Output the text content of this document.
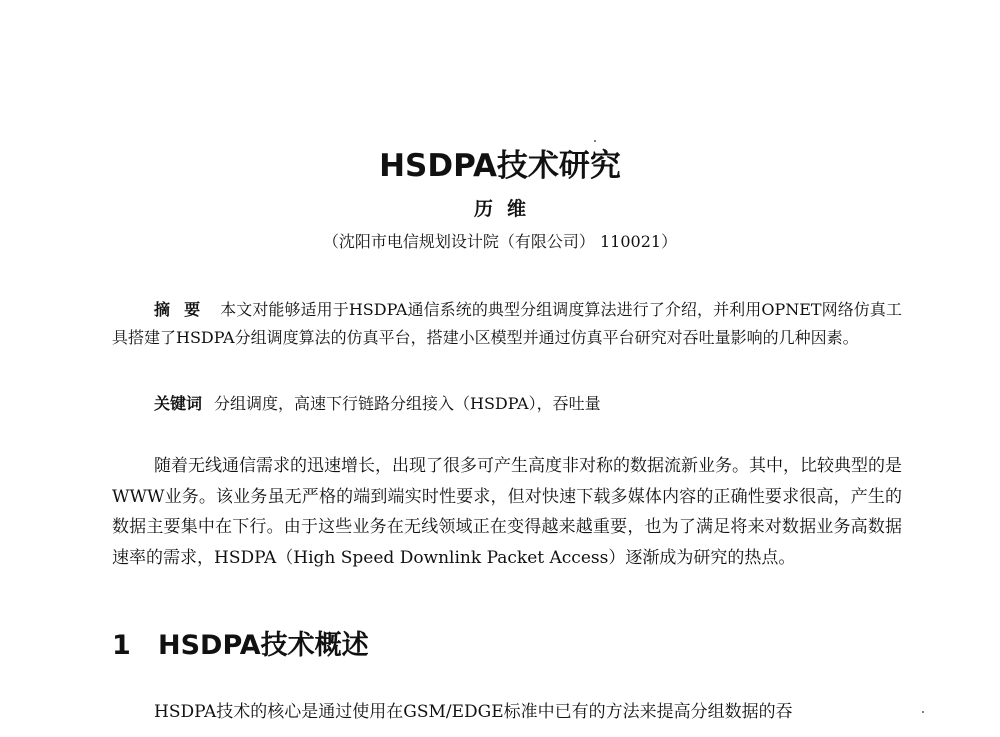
HSDPA技术研究
历维
（沈阳市电信规划设计院（有限公司） 110021）
摘要 本文对能够适用于HSDPA通信系统的典型分组调度算法进行了介绍，并利用OPNET网络仿真工具搭建了HSDPA分组调度算法的仿真平台，搭建小区模型并通过仿真平台研究对吞吐量影响的几种因素。
关键词 分组调度，高速下行链路分组接入（HSDPA），吞吐量
随着无线通信需求的迅速增长，出现了很多可产生高度非对称的数据流新业务。其中，比较典型的是WWW业务。该业务虽无严格的端到端实时性要求，但对快速下载多媒体内容的正确性要求很高，产生的数据主要集中在下行。由于这些业务在无线领域正在变得越来越重要，也为了满足将来对数据业务高数据速率的需求，HSDPA（High Speed Downlink Packet Access）逐渐成为研究的热点。
1 HSDPA技术概述
HSDPA技术的核心是通过使用在GSM/EDGE标准中已有的方法来提高分组数据的吞
